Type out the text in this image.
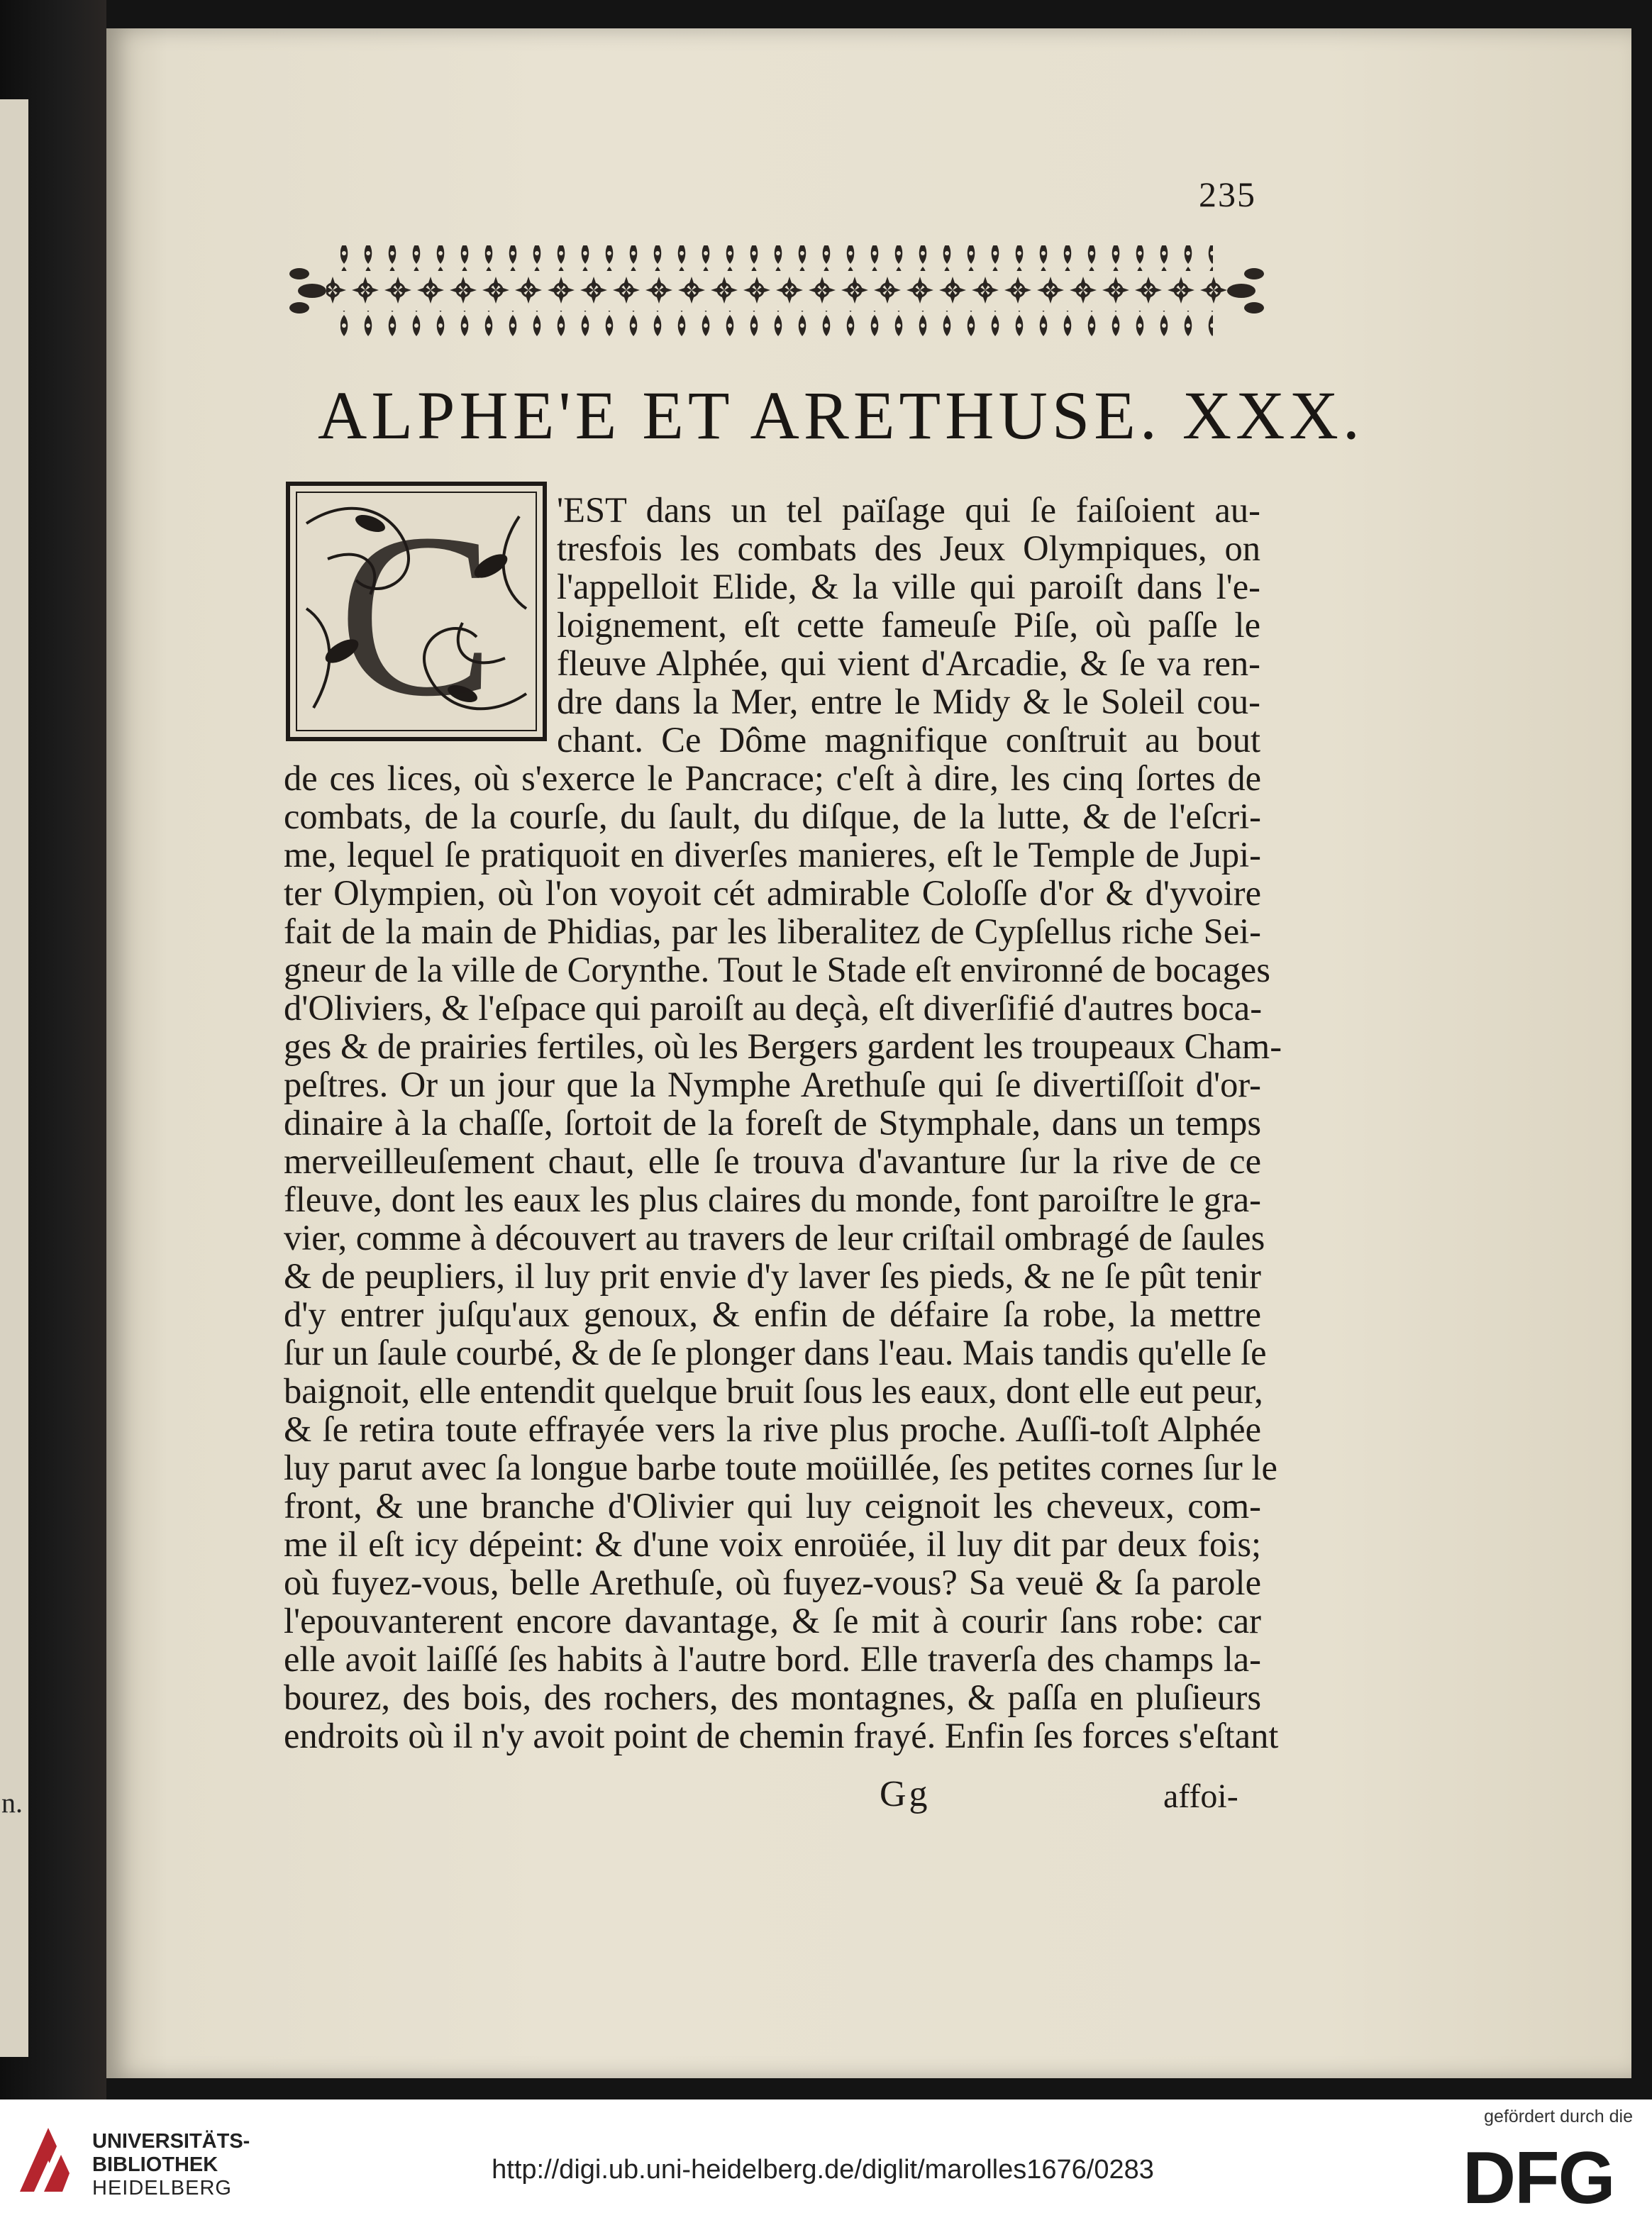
n.
235
ALPHE'E ET ARETHUSE. XXX.
C 'EST dans un tel païſage qui ſe faiſoient au-
tresfois les combats des Jeux Olympiques, on
l'appelloit Elide, & la ville qui paroiſt dans l'e-
loignement, eſt cette fameuſe Piſe, où paſſe le
fleuve Alphée, qui vient d'Arcadie, & ſe va ren-
dre dans la Mer, entre le Midy & le Soleil cou-
chant. Ce Dôme magnifique conſtruit au bout
de ces lices, où s'exerce le Pancrace; c'eſt à dire, les cinq ſortes de
combats, de la courſe, du ſault, du diſque, de la lutte, & de l'eſcri-
me, lequel ſe pratiquoit en diverſes manieres, eſt le Temple de Jupi-
ter Olympien, où l'on voyoit cét admirable Coloſſe d'or & d'yvoire
fait de la main de Phidias, par les liberalitez de Cypſellus riche Sei-
gneur de la ville de Corynthe. Tout le Stade eſt environné de bocages
d'Oliviers, & l'eſpace qui paroiſt au deçà, eſt diverſifié d'autres boca-
ges & de prairies fertiles, où les Bergers gardent les troupeaux Cham-
peſtres. Or un jour que la Nymphe Arethuſe qui ſe divertiſſoit d'or-
dinaire à la chaſſe, ſortoit de la foreſt de Stymphale, dans un temps
merveilleuſement chaut, elle ſe trouva d'avanture ſur la rive de ce
fleuve, dont les eaux les plus claires du monde, font paroiſtre le gra-
vier, comme à découvert au travers de leur criſtail ombragé de ſaules
& de peupliers, il luy prit envie d'y laver ſes pieds, & ne ſe pût tenir
d'y entrer juſqu'aux genoux, & enfin de défaire ſa robe, la mettre
ſur un ſaule courbé, & de ſe plonger dans l'eau. Mais tandis qu'elle ſe
baignoit, elle entendit quelque bruit ſous les eaux, dont elle eut peur,
& ſe retira toute effrayée vers la rive plus proche. Auſſi-toſt Alphée
luy parut avec ſa longue barbe toute moüillée, ſes petites cornes ſur le
front, & une branche d'Olivier qui luy ceignoit les cheveux, com-
me il eſt icy dépeint: & d'une voix enroüée, il luy dit par deux fois;
où fuyez-vous, belle Arethuſe, où fuyez-vous? Sa veuë & ſa parole
l'epouvanterent encore davantage, & ſe mit à courir ſans robe: car
elle avoit laiſſé ſes habits à l'autre bord. Elle traverſa des champs la-
bourez, des bois, des rochers, des montagnes, & paſſa en pluſieurs
endroits où il n'y avoit point de chemin frayé. Enfin ſes forces s'eſtant
Gg	affoi-
UNIVERSITÄTS-
BIBLIOTHEK
HEIDELBERG
http://digi.ub.uni-heidelberg.de/diglit/marolles1676/0283
gefördert durch die
DFG
